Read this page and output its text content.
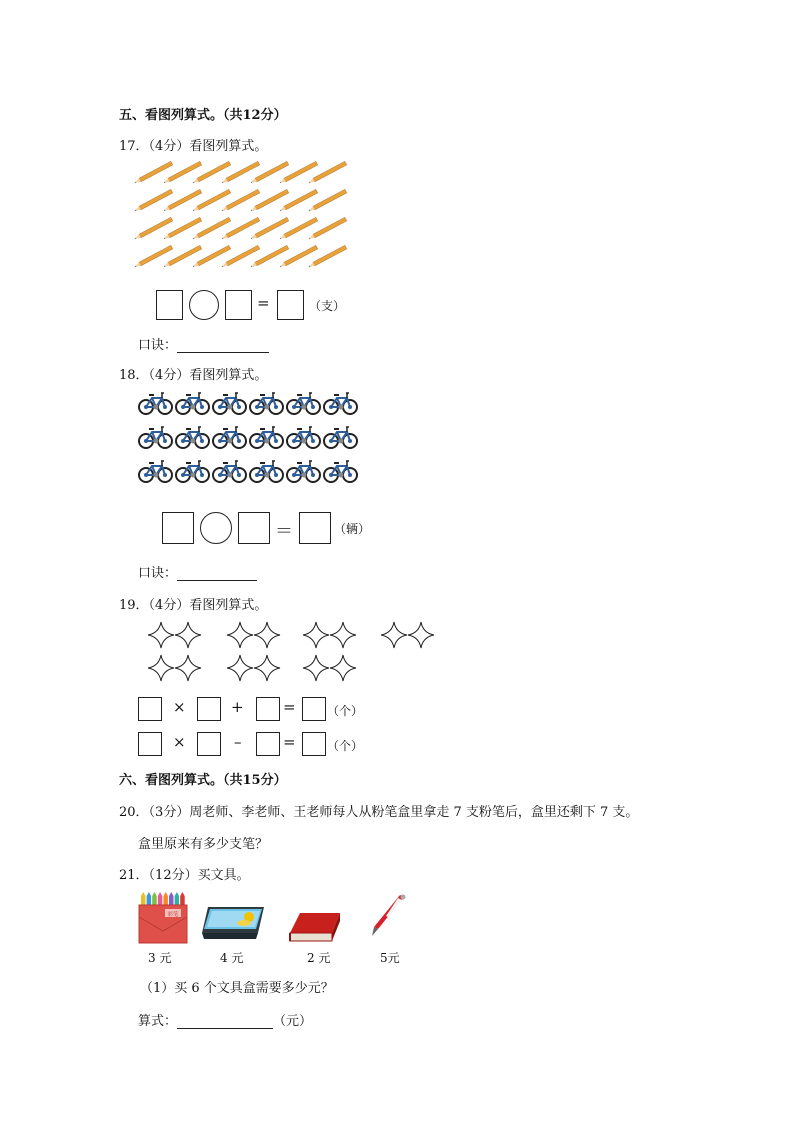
五、看图列算式。（共12分）
17．（4分）看图列算式。
=	（支）
口诀：
18．（4分）看图列算式。
＝	（辆）
口诀：
19．（4分）看图列算式。
×	+	=	（个）
×	–	=	（个）
六、看图列算式。（共15分）
20．（3分）周老师、李老师、王老师每人从粉笔盒里拿走 7 支粉笔后，盒里还剩下 7 支。
盒里原来有多少支笔？
21．（12分）买文具。
彩笔
3 元	4 元	2 元	5元
（1）买 6 个文具盒需要多少元？
算式：	（元）
